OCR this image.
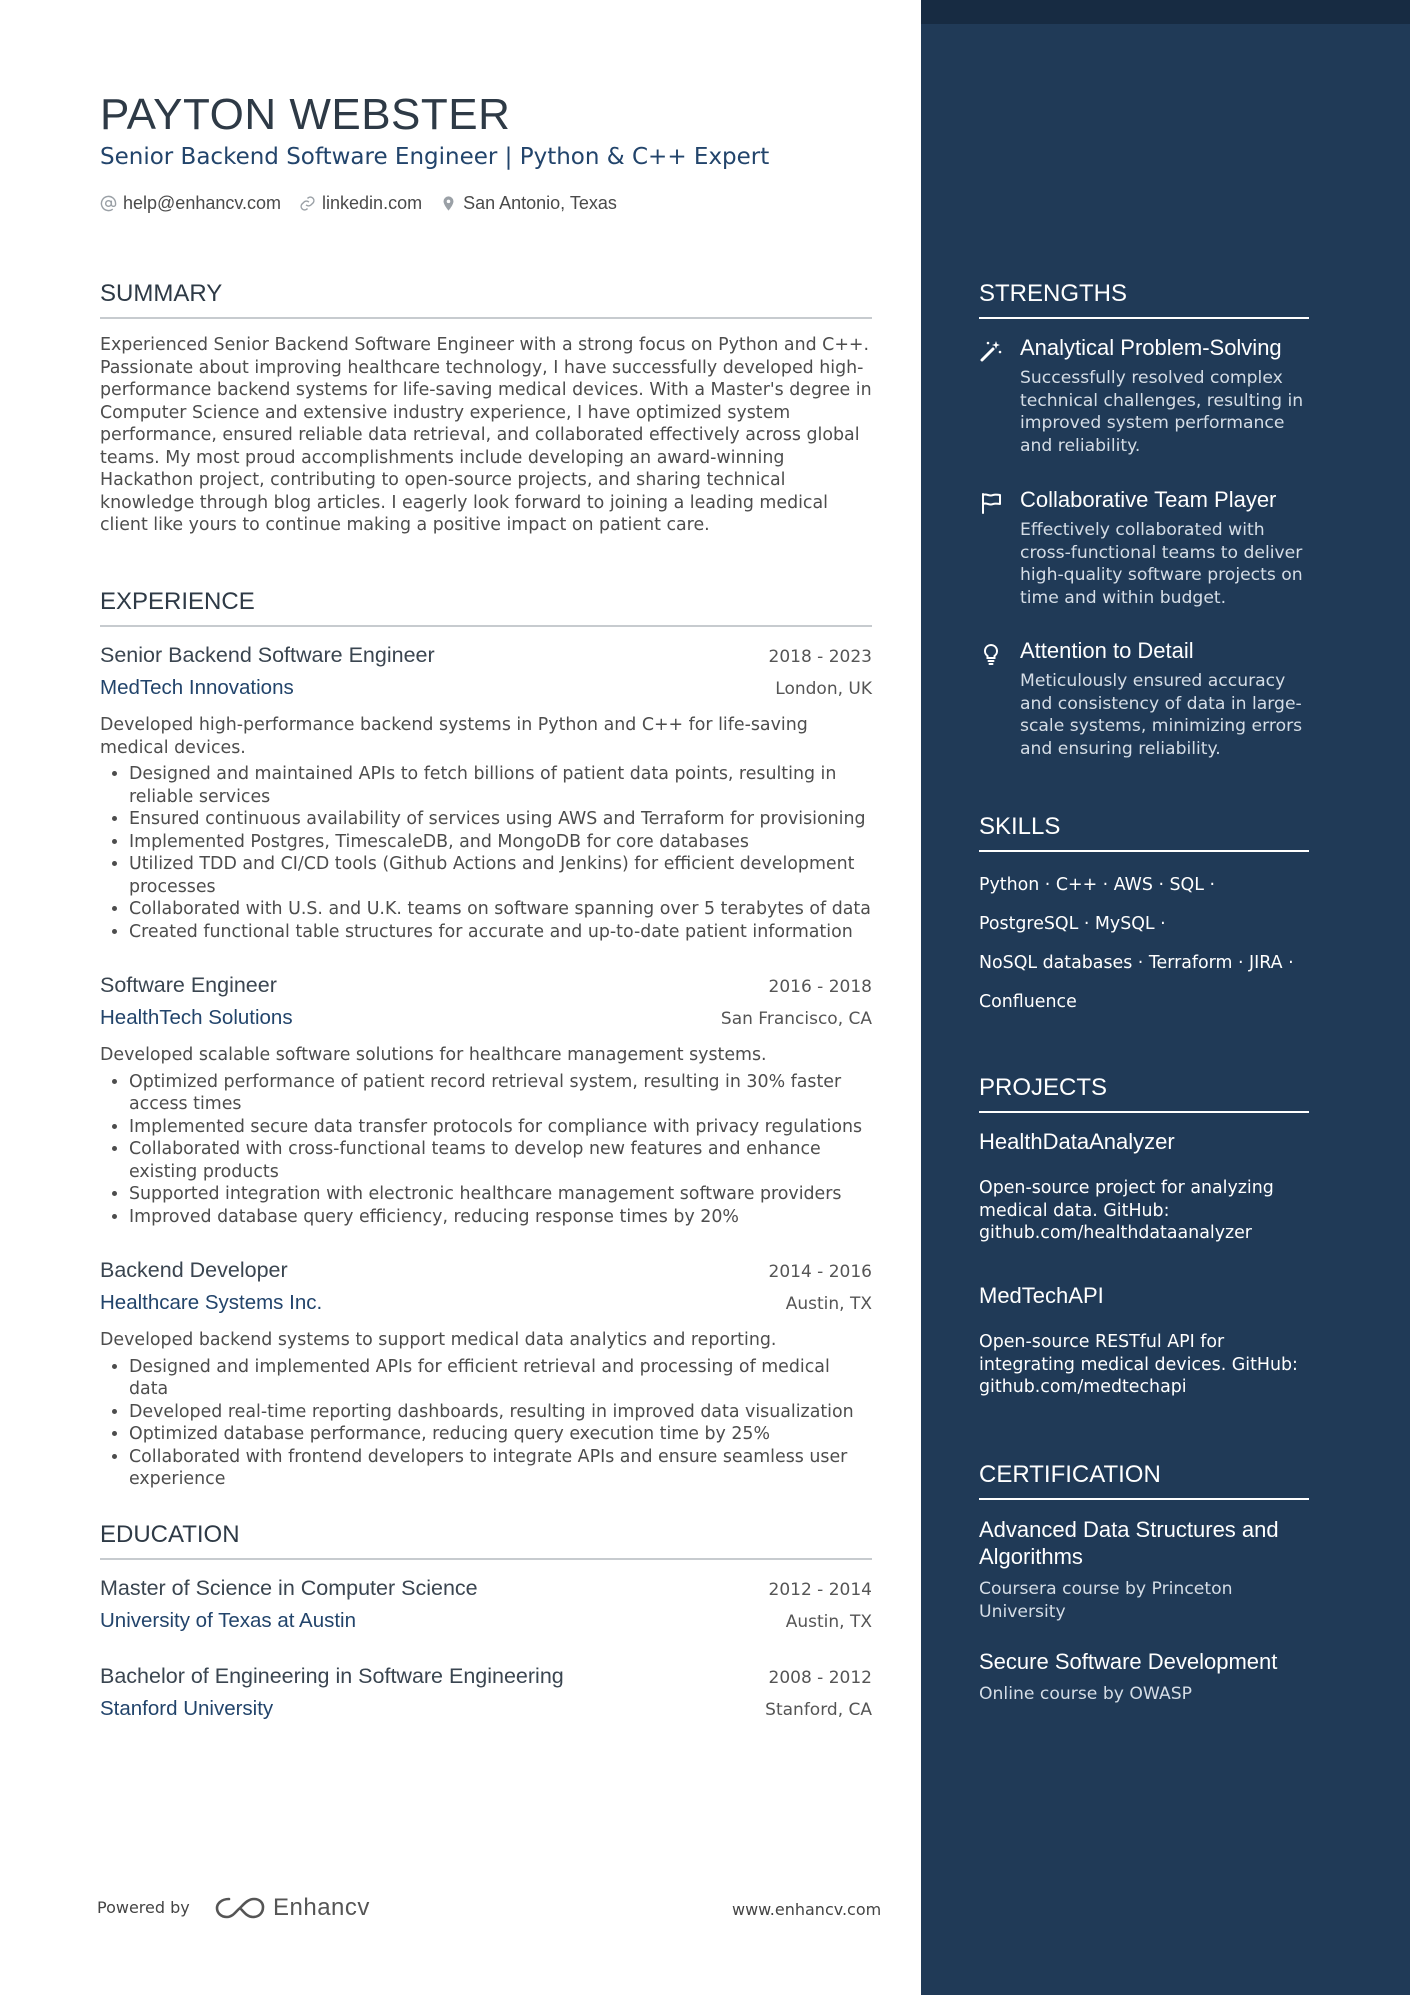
PAYTON WEBSTER
Senior Backend Software Engineer | Python & C++ Expert
help@enhancv.com linkedin.com San Antonio, Texas
SUMMARY
Experienced Senior Backend Software Engineer with a strong focus on Python and C++. Passionate about improving healthcare technology, I have successfully developed high-performance backend systems for life-saving medical devices. With a Master's degree in Computer Science and extensive industry experience, I have optimized system performance, ensured reliable data retrieval, and collaborated effectively across global teams. My most proud accomplishments include developing an award-winning Hackathon project, contributing to open-source projects, and sharing technical knowledge through blog articles. I eagerly look forward to joining a leading medical client like yours to continue making a positive impact on patient care.
EXPERIENCE
Senior Backend Software Engineer	2018 - 2023
MedTech Innovations	London, UK
Developed high-performance backend systems in Python and C++ for life-saving medical devices.
• Designed and maintained APIs to fetch billions of patient data points, resulting in reliable services
• Ensured continuous availability of services using AWS and Terraform for provisioning
• Implemented Postgres, TimescaleDB, and MongoDB for core databases
• Utilized TDD and CI/CD tools (Github Actions and Jenkins) for efficient development processes
• Collaborated with U.S. and U.K. teams on software spanning over 5 terabytes of data
• Created functional table structures for accurate and up-to-date patient information
Software Engineer	2016 - 2018
HealthTech Solutions	San Francisco, CA
Developed scalable software solutions for healthcare management systems.
• Optimized performance of patient record retrieval system, resulting in 30% faster access times
• Implemented secure data transfer protocols for compliance with privacy regulations
• Collaborated with cross-functional teams to develop new features and enhance existing products
• Supported integration with electronic healthcare management software providers
• Improved database query efficiency, reducing response times by 20%
Backend Developer	2014 - 2016
Healthcare Systems Inc.	Austin, TX
Developed backend systems to support medical data analytics and reporting.
• Designed and implemented APIs for efficient retrieval and processing of medical data
• Developed real-time reporting dashboards, resulting in improved data visualization
• Optimized database performance, reducing query execution time by 25%
• Collaborated with frontend developers to integrate APIs and ensure seamless user experience
EDUCATION
Master of Science in Computer Science	2012 - 2014
University of Texas at Austin	Austin, TX
Bachelor of Engineering in Software Engineering	2008 - 2012
Stanford University	Stanford, CA
STRENGTHS
Analytical Problem-Solving
Successfully resolved complex technical challenges, resulting in improved system performance and reliability.
Collaborative Team Player
Effectively collaborated with cross-functional teams to deliver high-quality software projects on time and within budget.
Attention to Detail
Meticulously ensured accuracy and consistency of data in large-scale systems, minimizing errors and ensuring reliability.
SKILLS
Python · C++ · AWS · SQL ·
PostgreSQL · MySQL ·
NoSQL databases · Terraform · JIRA ·
Confluence
PROJECTS
HealthDataAnalyzer
Open-source project for analyzing medical data. GitHub: github.com/healthdataanalyzer
MedTechAPI
Open-source RESTful API for integrating medical devices. GitHub: github.com/medtechapi
CERTIFICATION
Advanced Data Structures and Algorithms
Coursera course by Princeton University
Secure Software Development
Online course by OWASP
Powered by	Enhancv	www.enhancv.com
